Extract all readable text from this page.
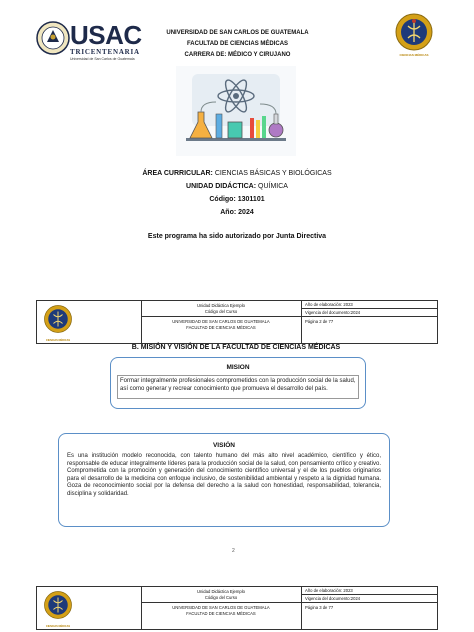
USAC
TRICENTENARIA
Universidad de San Carlos de Guatemala
UNIVERSIDAD DE SAN CARLOS DE GUATEMALA
FACULTAD DE CIENCIAS MÉDICAS
CARRERA DE: MÉDICO Y CIRUJANO	CIENCIAS MÉDICAS
ÁREA CURRICULAR: CIENCIAS BÁSICAS Y BIOLÓGICAS
UNIDAD DIDÁCTICA: QUÍMICA
Código: 1301101
Año: 2024
Este programa ha sido autorizado por Junta Directiva
CIENCIAS MÉDICAS
Unidad Didáctica Ejemplo
Código del Curso
UNIVERSIDAD DE SAN CARLOS DE GUATEMALA
FACULTAD DE CIENCIAS MÉDICAS
Año de elaboración: 2023
Vigencia del documento:2024
Página 2 de 77
B. MISIÓN Y VISIÓN DE LA FACULTAD DE CIENCIAS MÉDICAS
MISION
Formar integralmente profesionales comprometidos con la producción social de la salud, así como generar y recrear conocimiento que promueva el desarrollo del país.
VISIÓN
Es una institución modelo reconocida, con talento humano del más alto nivel académico, científico y ético, responsable de educar integralmente líderes para la producción social de la salud, con pensamiento crítico y creativo. Comprometida con la promoción y generación del conocimiento científico universal y el de los pueblos originarios para el desarrollo de la medicina con enfoque inclusivo, de sostenibilidad ambiental y respeto a la dignidad humana. Goza de reconocimiento social por la defensa del derecho a la salud con honestidad, responsabilidad, tolerancia, disciplina y solidaridad.
2
CIENCIAS MÉDICAS
Unidad Didáctica Ejemplo
Código del Curso
UNIVERSIDAD DE SAN CARLOS DE GUATEMALA
FACULTAD DE CIENCIAS MÉDICAS
Año de elaboración: 2023
Vigencia del documento:2024
Página 3 de 77
